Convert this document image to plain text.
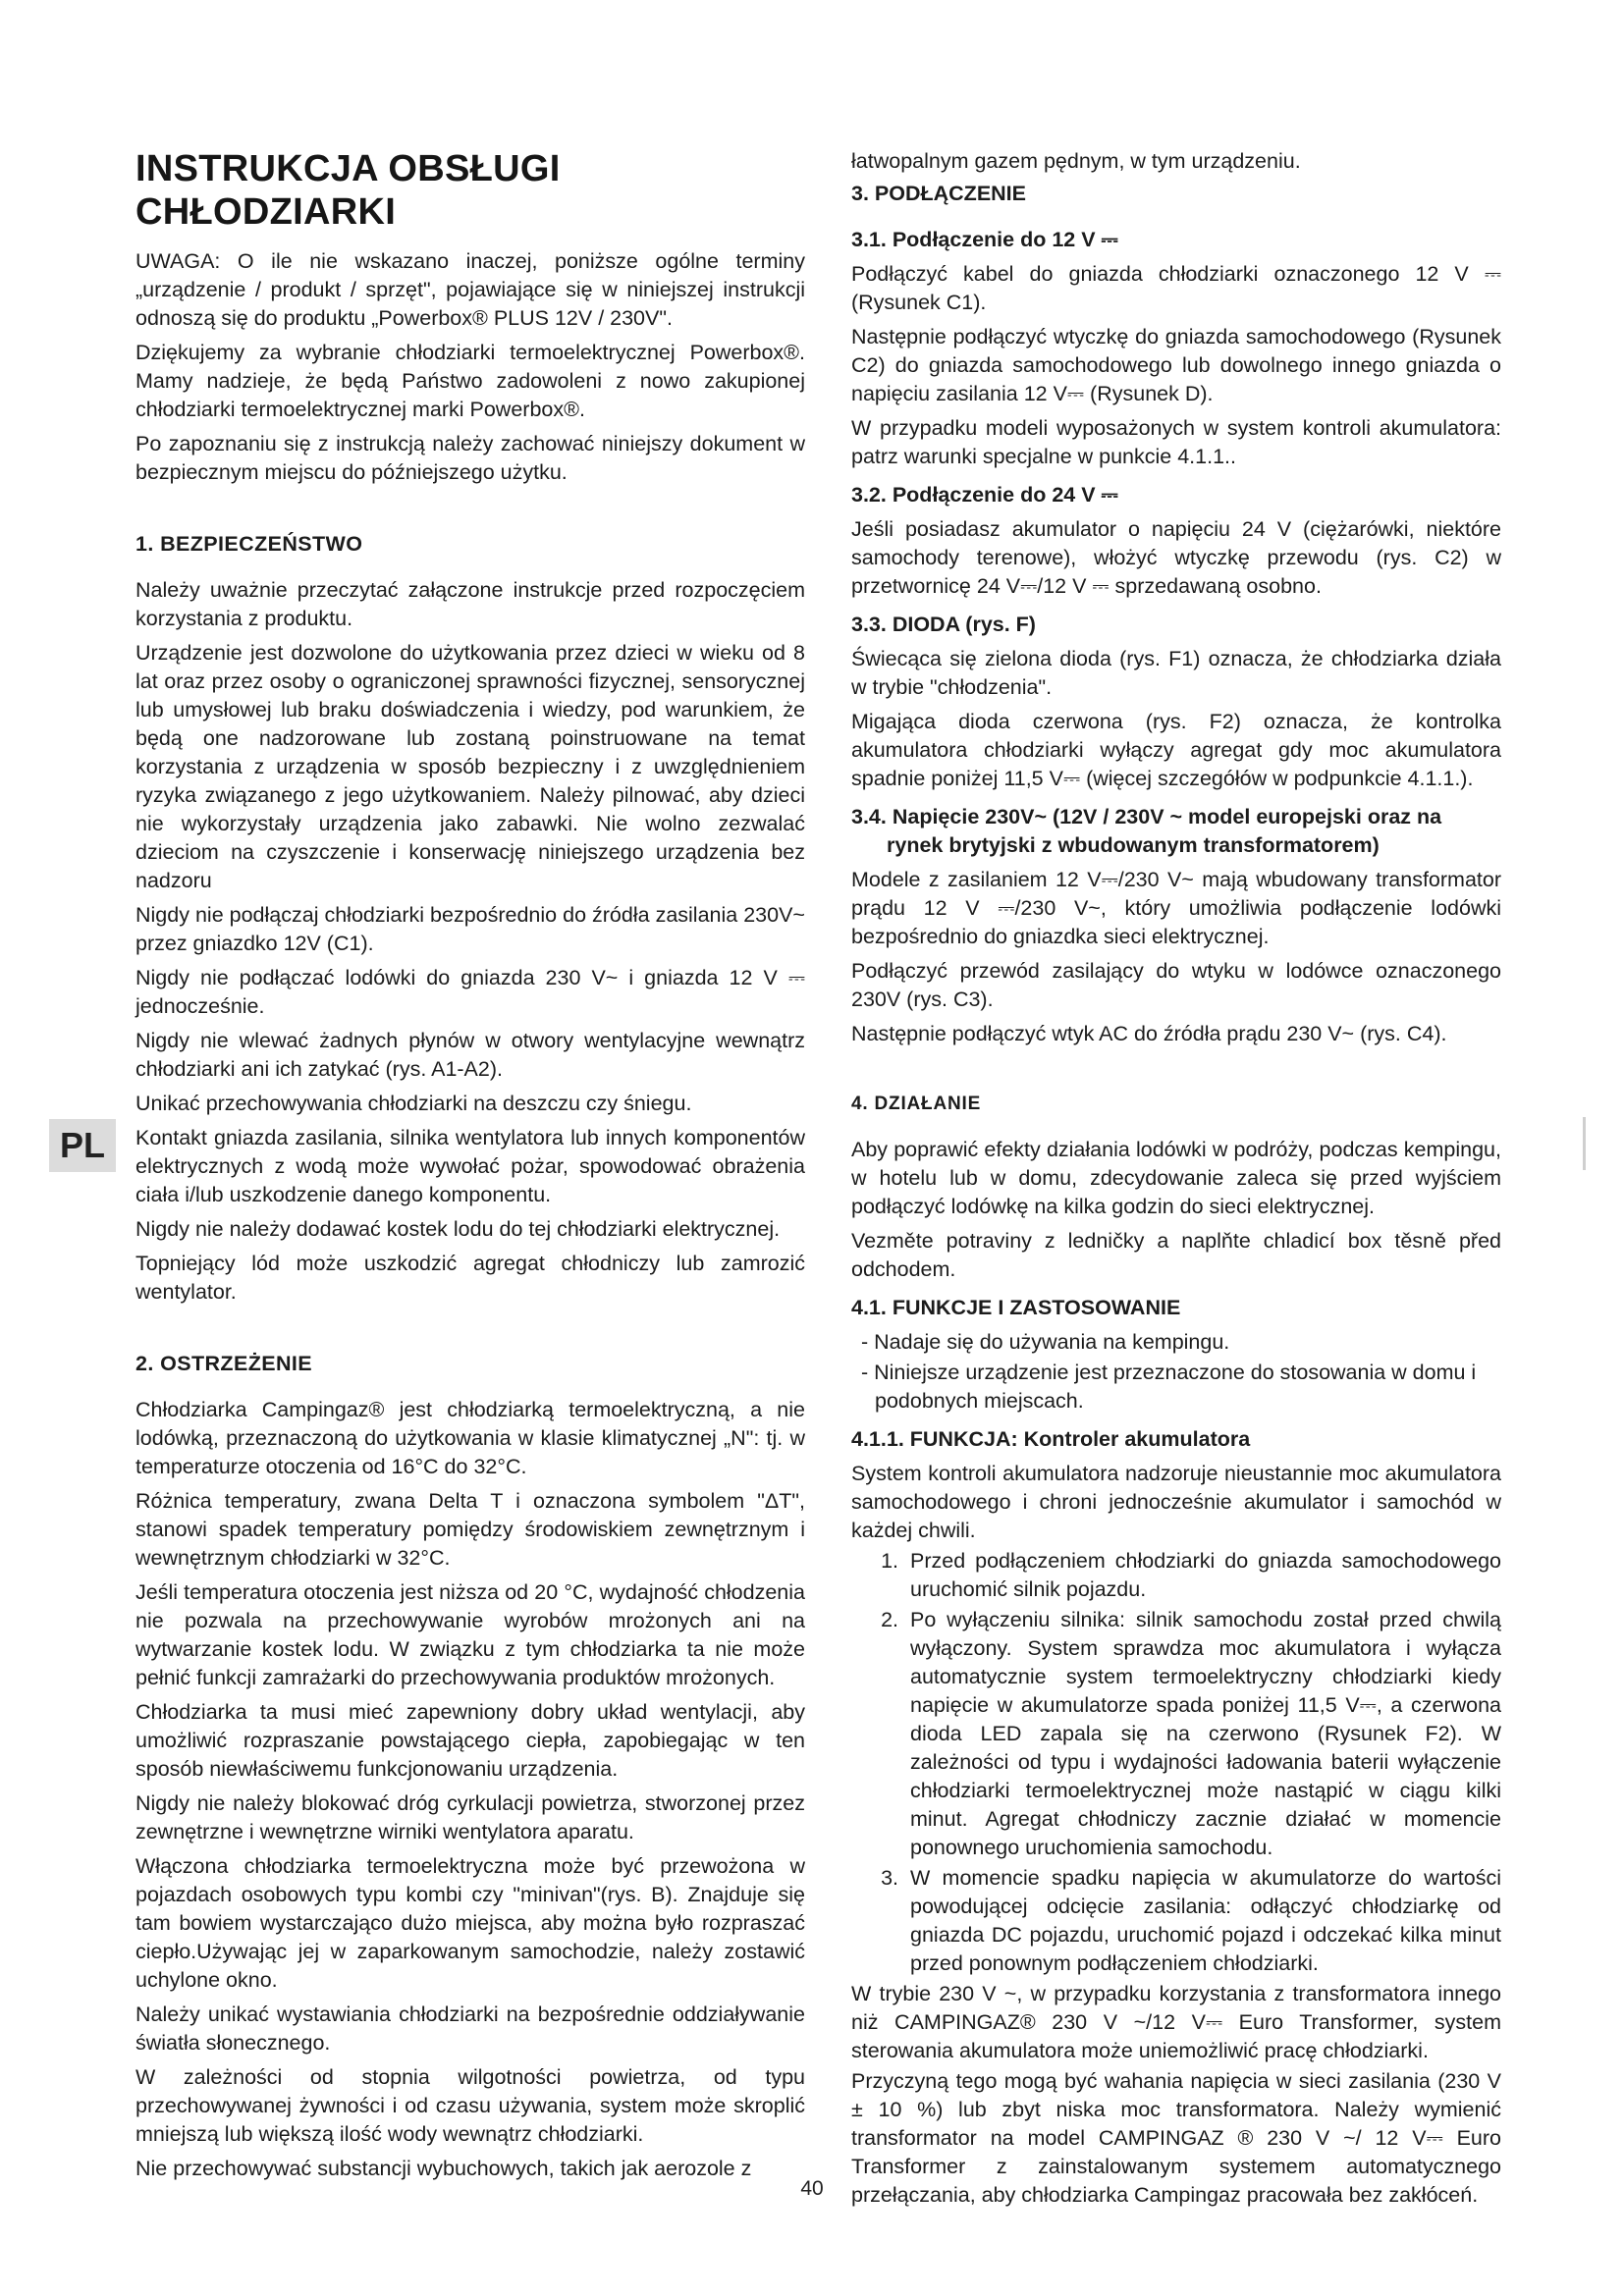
INSTRUKCJA OBSŁUGI CHŁODZIARKI

UWAGA: O ile nie wskazano inaczej, poniższe ogólne terminy „urządzenie / produkt / sprzęt", pojawiające się w niniejszej instrukcji odnoszą się do produktu „Powerbox® PLUS 12V / 230V".

Dziękujemy za wybranie chłodziarki termoelektrycznej Powerbox®. Mamy nadzieje, że będą Państwo zadowoleni z nowo zakupionej chłodziarki termoelektrycznej marki Powerbox®.

Po zapoznaniu się z instrukcją należy zachować niniejszy dokument w bezpiecznym miejscu do późniejszego użytku.

1. BEZPIECZEŃSTWO

Należy uważnie przeczytać załączone instrukcje przed rozpoczęciem korzystania z produktu.

Urządzenie jest dozwolone do użytkowania przez dzieci w wieku od 8 lat oraz przez osoby o ograniczonej sprawności fizycznej, sensorycznej lub umysłowej lub braku doświadczenia i wiedzy, pod warunkiem, że będą one nadzorowane lub zostaną poinstruowane na temat korzystania z urządzenia w sposób bezpieczny i z uwzględnieniem ryzyka związanego z jego użytkowaniem. Należy pilnować, aby dzieci nie wykorzystały urządzenia jako zabawki. Nie wolno zezwalać dzieciom na czyszczenie i konserwację niniejszego urządzenia bez nadzoru

Nigdy nie podłączaj chłodziarki bezpośrednio do źródła zasilania 230V~ przez gniazdko 12V (C1).

Nigdy nie podłączać lodówki do gniazda 230 V~ i gniazda 12 V ⎓ jednocześnie.

Nigdy nie wlewać żadnych płynów w otwory wentylacyjne wewnątrz chłodziarki ani ich zatykać (rys. A1-A2).

Unikać przechowywania chłodziarki na deszczu czy śniegu.

Kontakt gniazda zasilania, silnika wentylatora lub innych komponentów elektrycznych z wodą może wywołać pożar, spowodować obrażenia ciała i/lub uszkodzenie danego komponentu.

Nigdy nie należy dodawać kostek lodu do tej chłodziarki elektrycznej.

Topniejący lód może uszkodzić agregat chłodniczy lub zamrozić wentylator.

2. OSTRZEŻENIE

Chłodziarka Campingaz® jest chłodziarką termoelektryczną, a nie lodówką, przeznaczoną do użytkowania w klasie klimatycznej „N": tj. w temperaturze otoczenia od 16°C do 32°C.

Różnica temperatury, zwana Delta T i oznaczona symbolem "ΔT", stanowi spadek temperatury pomiędzy środowiskiem zewnętrznym i wewnętrznym chłodziarki w 32°C.

Jeśli temperatura otoczenia jest niższa od 20 °C, wydajność chłodzenia nie pozwala na przechowywanie wyrobów mrożonych ani na wytwarzanie kostek lodu. W związku z tym chłodziarka ta nie może pełnić funkcji zamrażarki do przechowywania produktów mrożonych.

Chłodziarka ta musi mieć zapewniony dobry układ wentylacji, aby umożliwić rozpraszanie powstającego ciepła, zapobiegając w ten sposób niewłaściwemu funkcjonowaniu urządzenia.

Nigdy nie należy blokować dróg cyrkulacji powietrza, stworzonej przez zewnętrzne i wewnętrzne wirniki wentylatora aparatu.

Włączona chłodziarka termoelektryczna może być przewożona w pojazdach osobowych typu kombi czy "minivan"(rys. B). Znajduje się tam bowiem wystarczająco dużo miejsca, aby można było rozpraszać ciepło.Używając jej w zaparkowanym samochodzie, należy zostawić uchylone okno.

Należy unikać wystawiania chłodziarki na bezpośrednie oddziaływanie światła słonecznego.

W zależności od stopnia wilgotności powietrza, od typu przechowywanej żywności i od czasu używania, system może skroplić mniejszą lub większą ilość wody wewnątrz chłodziarki.

Nie przechowywać substancji wybuchowych, takich jak aerozole z

łatwopalnym gazem pędnym, w tym urządzeniu.

3. PODŁĄCZENIE
3.1. Podłączenie do 12 V ⎓

Podłączyć kabel do gniazda chłodziarki oznaczonego 12 V ⎓ (Rysunek C1).

Następnie podłączyć wtyczkę do gniazda samochodowego (Rysunek C2) do gniazda samochodowego lub dowolnego innego gniazda o napięciu zasilania 12 V⎓ (Rysunek D).

W przypadku modeli wyposażonych w system kontroli akumulatora: patrz warunki specjalne w punkcie 4.1.1..

3.2. Podłączenie do 24 V ⎓

Jeśli posiadasz akumulator o napięciu 24 V (ciężarówki, niektóre samochody terenowe), włożyć wtyczkę przewodu (rys. C2) w przetwornicę 24 V⎓/12 V ⎓ sprzedawaną osobno.

3.3. DIODA (rys. F)

Świecąca się zielona dioda (rys. F1) oznacza, że chłodziarka działa w trybie "chłodzenia".

Migająca dioda czerwona (rys. F2) oznacza, że kontrolka akumulatora chłodziarki wyłączy agregat gdy moc akumulatora spadnie poniżej 11,5 V⎓ (więcej szczegółów w podpunkcie 4.1.1.).

3.4. Napięcie 230V~ (12V / 230V ~ model europejski oraz na
rynek brytyjski z wbudowanym transformatorem)

Modele z zasilaniem 12 V⎓/230 V~ mają wbudowany transformator prądu 12 V ⎓/230 V~, który umożliwia podłączenie lodówki bezpośrednio do gniazdka sieci elektrycznej.

Podłączyć przewód zasilający do wtyku w lodówce oznaczonego 230V (rys. C3).

Następnie podłączyć wtyk AC do źródła prądu 230 V~ (rys. C4).

4. DZIAŁANIE

Aby poprawić efekty działania lodówki w podróży, podczas kempingu, w hotelu lub w domu, zdecydowanie zaleca się przed wyjściem podłączyć lodówkę na kilka godzin do sieci elektrycznej.

Vezměte potraviny z ledničky a naplňte chladicí box těsně před odchodem.

4.1. FUNKCJE I ZASTOSOWANIE
- Nadaje się do używania na kempingu.
- Niniejsze urządzenie jest przeznaczone do stosowania w domu i podobnych miejscach.
4.1.1. FUNKCJA: Kontroler akumulatora

System kontroli akumulatora nadzoruje nieustannie moc akumulatora samochodowego i chroni jednocześnie akumulator i samochód w każdej chwili.

1. Przed podłączeniem chłodziarki do gniazda samochodowego uruchomić silnik pojazdu.
2. Po wyłączeniu silnika: silnik samochodu został przed chwilą wyłączony. System sprawdza moc akumulatora i wyłącza automatycznie system termoelektryczny chłodziarki kiedy napięcie w akumulatorze spada poniżej 11,5 V⎓, a czerwona dioda LED zapala się na czerwono (Rysunek F2). W zależności od typu i wydajności ładowania baterii wyłączenie chłodziarki termoelektrycznej może nastąpić w ciągu kilki minut. Agregat chłodniczy zacznie działać w momencie ponownego uruchomienia samochodu.
3. W momencie spadku napięcia w akumulatorze do wartości powodującej odcięcie zasilania: odłączyć chłodziarkę od gniazda DC pojazdu, uruchomić pojazd i odczekać kilka minut przed ponownym podłączeniem chłodziarki.

W trybie 230 V ~, w przypadku korzystania z transformatora innego niż CAMPINGAZ® 230 V ~/12 V⎓ Euro Transformer, system sterowania akumulatora może uniemożliwić pracę chłodziarki.

Przyczyną tego mogą być wahania napięcia w sieci zasilania (230 V ± 10 %) lub zbyt niska moc transformatora. Należy wymienić transformator na model CAMPINGAZ ® 230 V ~/ 12 V⎓ Euro Transformer z zainstalowanym systemem automatycznego przełączania, aby chłodziarka Campingaz pracowała bez zakłóceń.

PL
40
